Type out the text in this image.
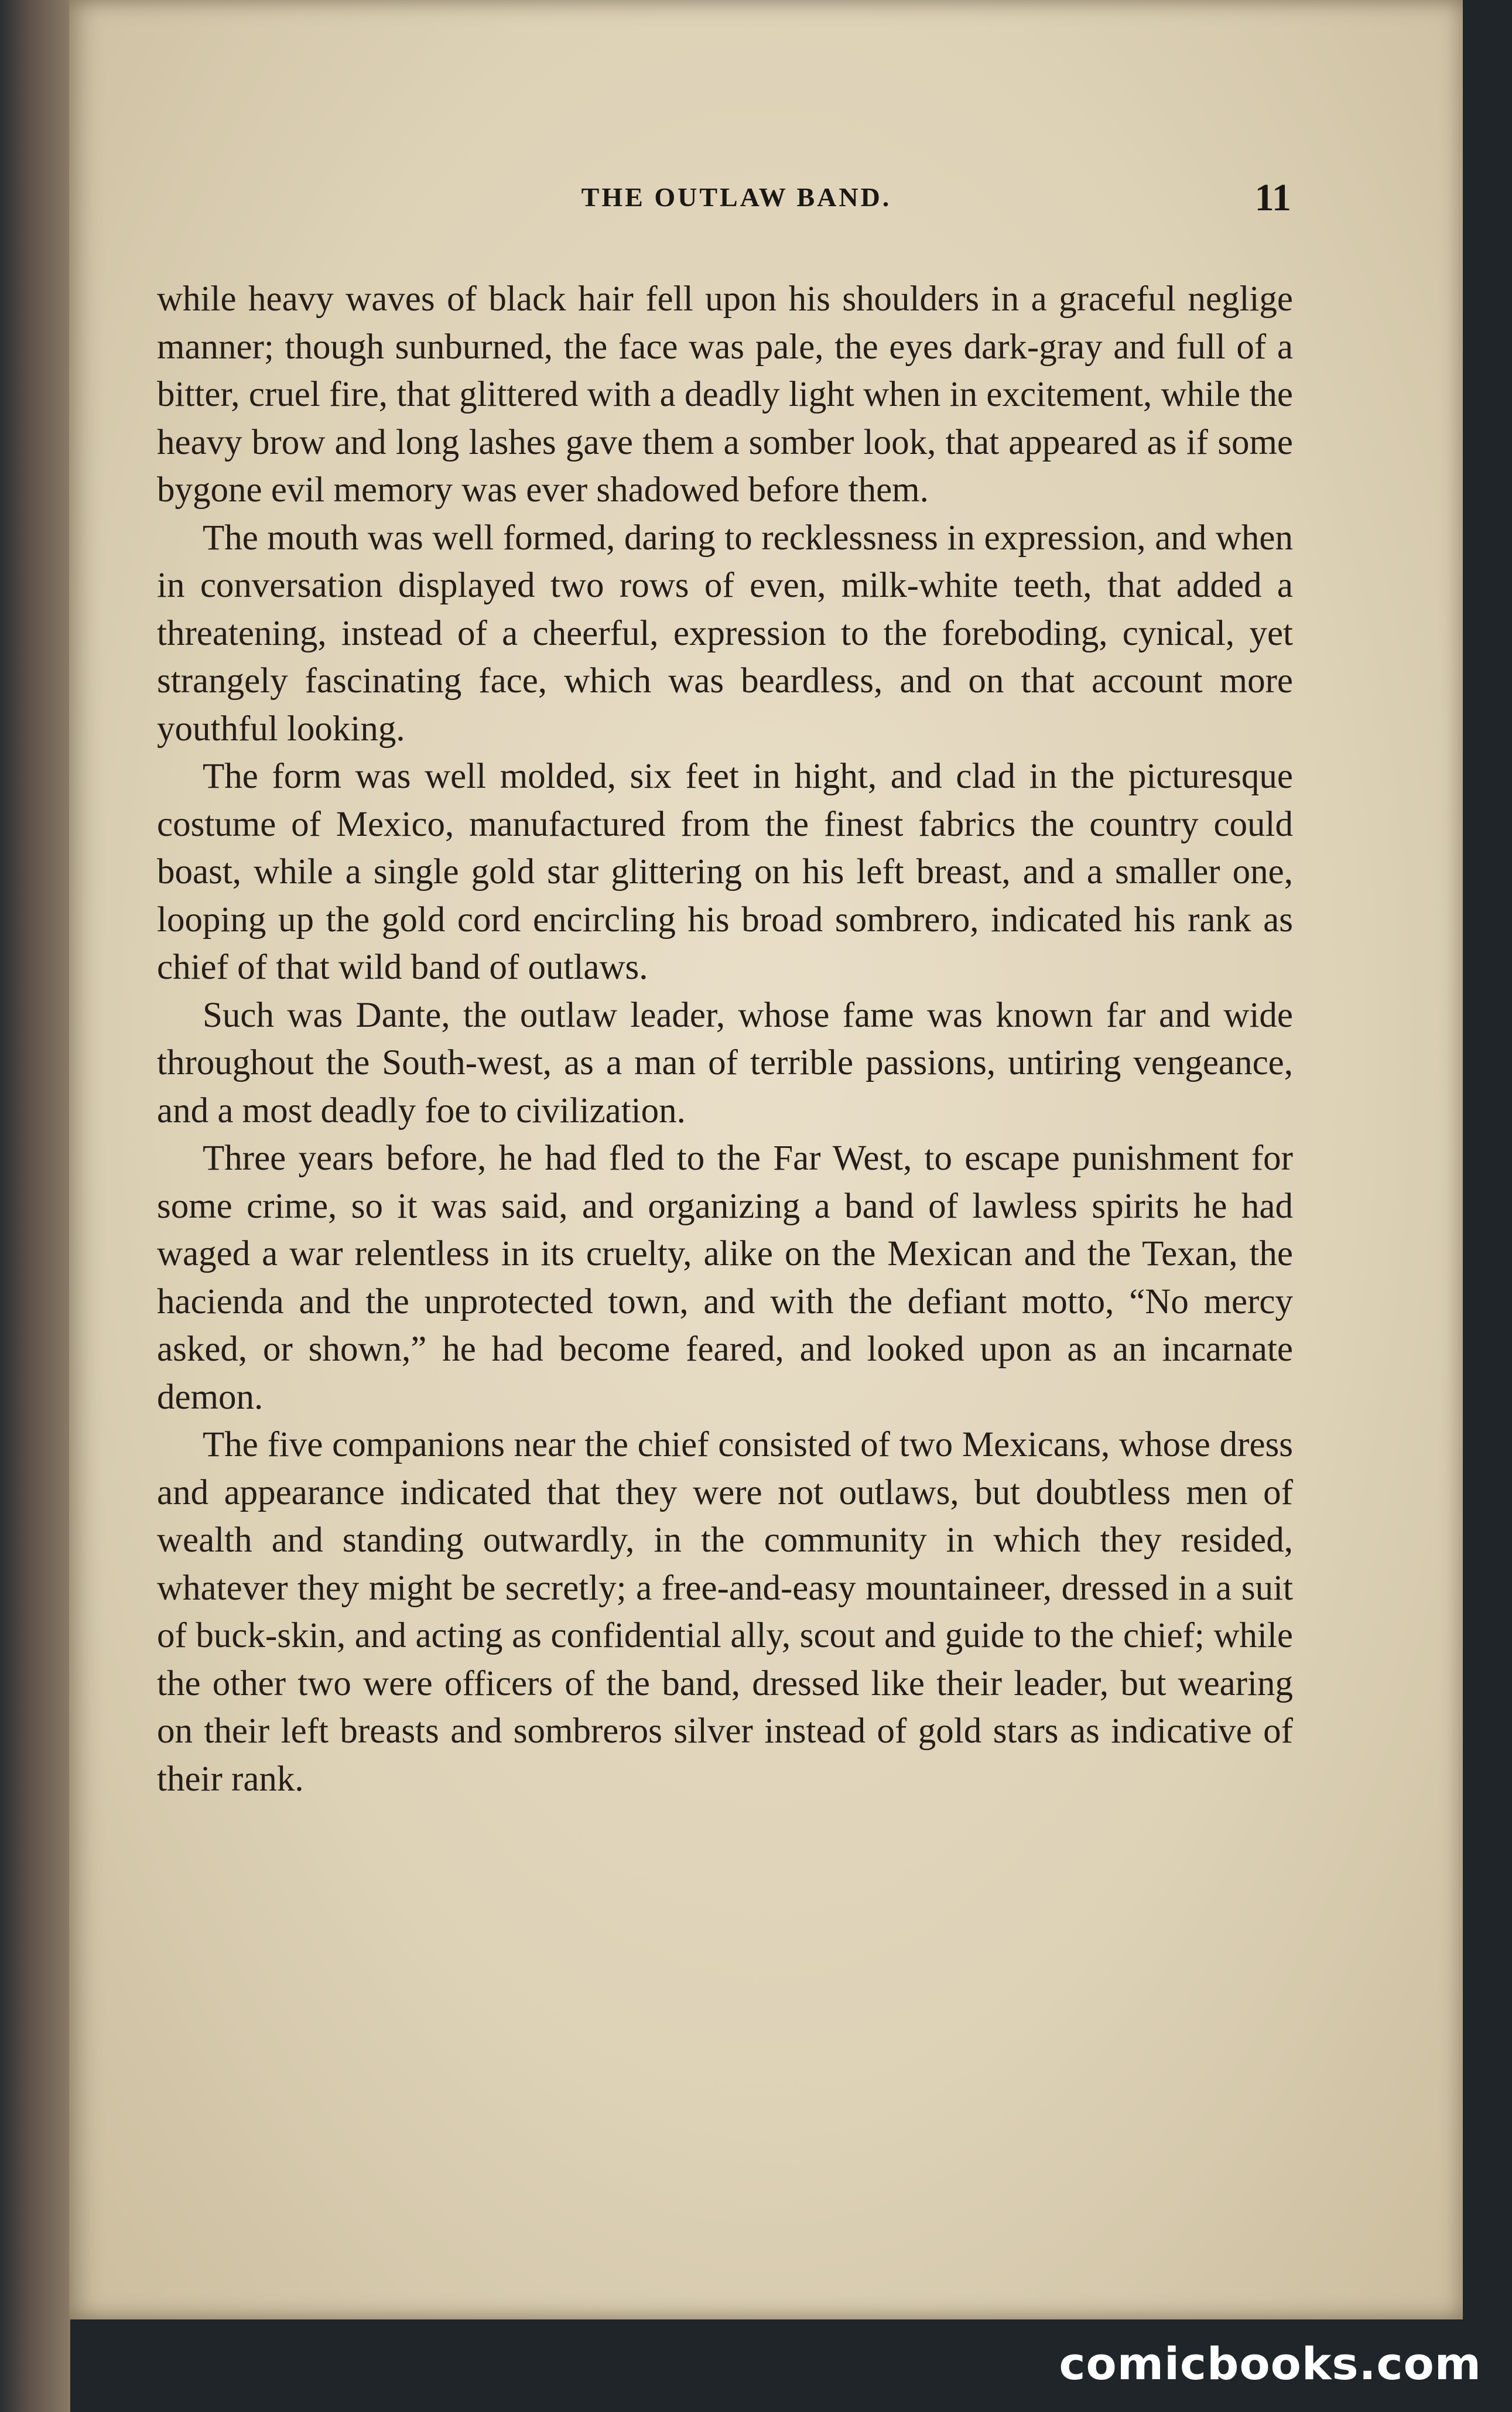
THE OUTLAW BAND.	11

while heavy waves of black hair fell upon his shoulders in a graceful neglige manner; though sunburned, the face was pale, the eyes dark-gray and full of a bitter, cruel fire, that glittered with a deadly light when in excitement, while the heavy brow and long lashes gave them a somber look, that appeared as if some bygone evil memory was ever shadowed before them.

The mouth was well formed, daring to recklessness in expression, and when in conversation displayed two rows of even, milk-white teeth, that added a threatening, instead of a cheerful, expression to the foreboding, cynical, yet strangely fascinating face, which was beardless, and on that account more youthful looking.

The form was well molded, six feet in hight, and clad in the picturesque costume of Mexico, manufactured from the finest fabrics the country could boast, while a single gold star glittering on his left breast, and a smaller one, looping up the gold cord encircling his broad sombrero, indicated his rank as chief of that wild band of outlaws.

Such was Dante, the outlaw leader, whose fame was known far and wide throughout the South-west, as a man of terrible passions, untiring vengeance, and a most deadly foe to civilization.

Three years before, he had fled to the Far West, to escape punishment for some crime, so it was said, and organizing a band of lawless spirits he had waged a war relentless in its cruelty, alike on the Mexican and the Texan, the hacienda and the unprotected town, and with the defiant motto, “No mercy asked, or shown,” he had become feared, and looked upon as an incarnate demon.

The five companions near the chief consisted of two Mexicans, whose dress and appearance indicated that they were not outlaws, but doubtless men of wealth and standing outwardly, in the community in which they resided, whatever they might be secretly; a free-and-easy mountaineer, dressed in a suit of buck-skin, and acting as confidential ally, scout and guide to the chief; while the other two were officers of the band, dressed like their leader, but wearing on their left breasts and sombreros silver instead of gold stars as indicative of their rank.

comicbooks.com
